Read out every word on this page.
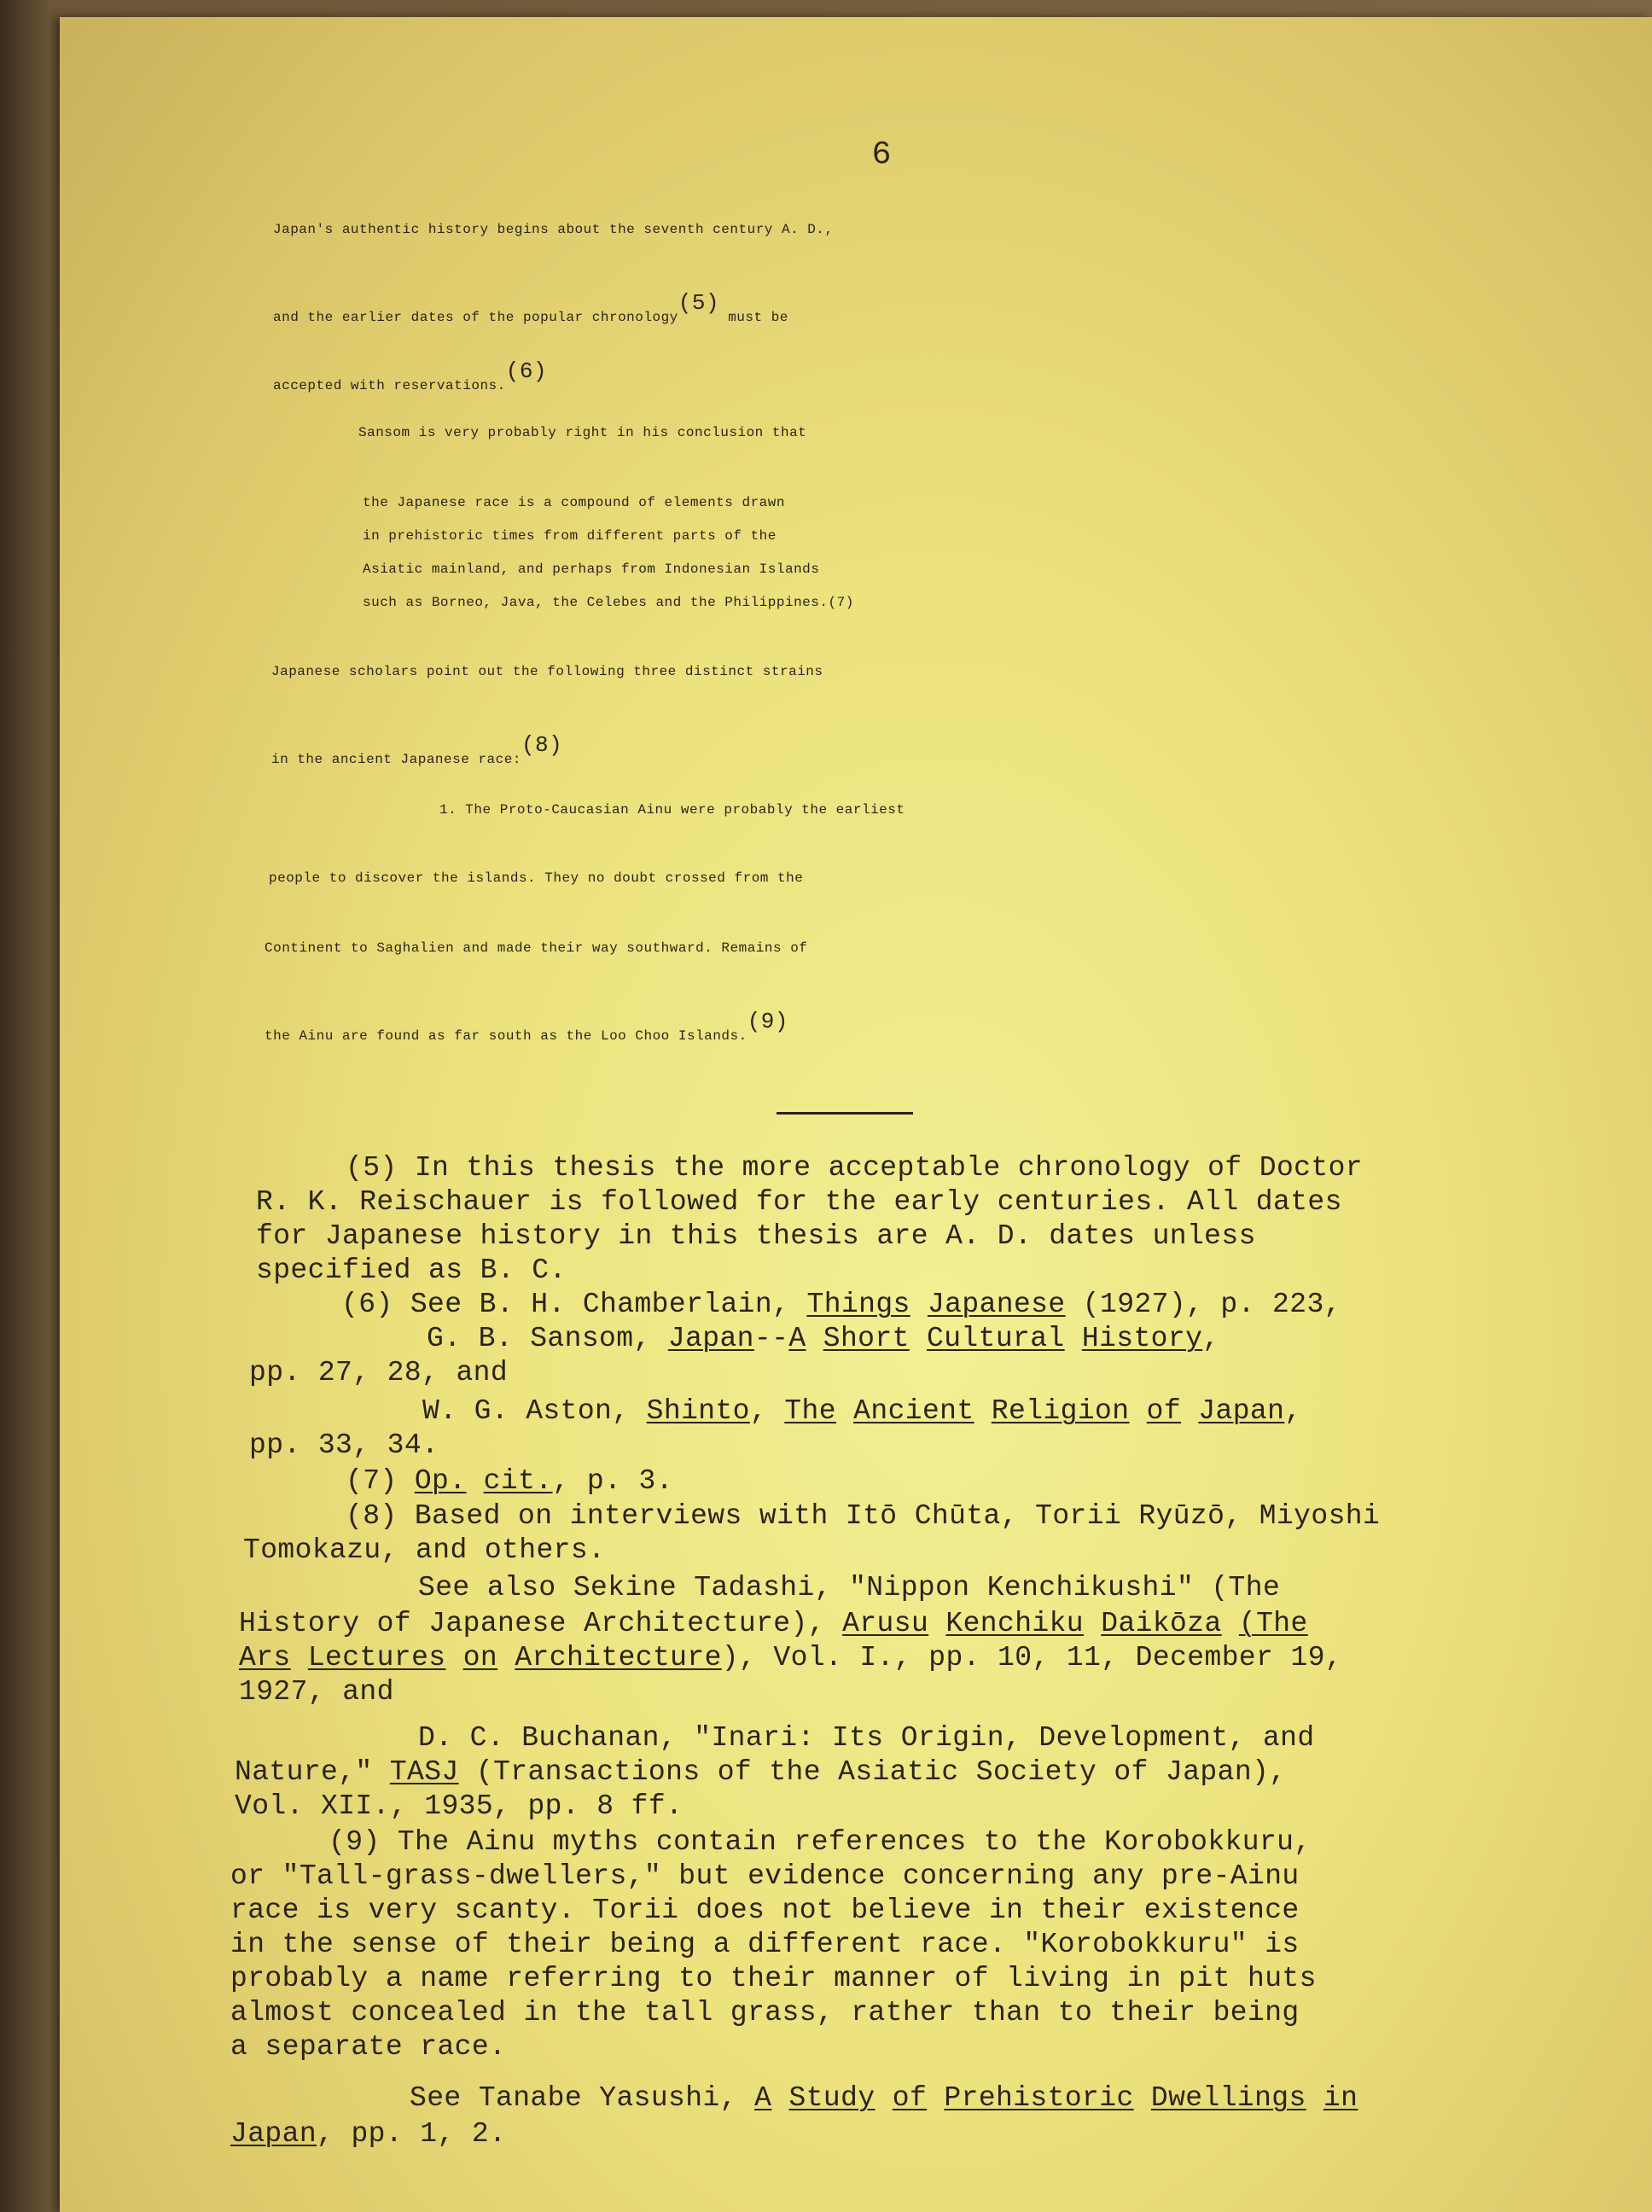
6
Japan's authentic history begins about the seventh century A. D.,
and the earlier dates of the popular chronology$^{(5)}$ must be
accepted with reservations.$^{(6)}$
Sansom is very probably right in his conclusion that
the Japanese race is a compound of elements drawn
in prehistoric times from different parts of the
Asiatic mainland, and perhaps from Indonesian Islands
such as Borneo, Java, the Celebes and the Philippines.(7)
Japanese scholars point out the following three distinct strains
in the ancient Japanese race:$^{(8)}$
1. The Proto-Caucasian Ainu were probably the earliest
people to discover the islands. They no doubt crossed from the
Continent to Saghalien and made their way southward. Remains of
the Ainu are found as far south as the Loo Choo Islands.$^{(9)}$
(5) In this thesis the more acceptable chronology of Doctor
R. K. Reischauer is followed for the early centuries. All dates
for Japanese history in this thesis are A. D. dates unless
specified as B. C.
(6) See B. H. Chamberlain, Things Japanese (1927), p. 223,
G. B. Sansom, Japan--A Short Cultural History,
pp. 27, 28, and
W. G. Aston, Shinto, The Ancient Religion of Japan,
pp. 33, 34.
(7) Op. cit., p. 3.
(8) Based on interviews with Itō Chūta, Torii Ryūzō, Miyoshi
Tomokazu, and others.
See also Sekine Tadashi, "Nippon Kenchikushi" (The
History of Japanese Architecture), Arusu Kenchiku Daikōza (The
Ars Lectures on Architecture), Vol. I., pp. 10, 11, December 19,
1927, and
D. C. Buchanan, "Inari: Its Origin, Development, and
Nature," TASJ (Transactions of the Asiatic Society of Japan),
Vol. XII., 1935, pp. 8 ff.
(9) The Ainu myths contain references to the Korobokkuru,
or "Tall-grass-dwellers," but evidence concerning any pre-Ainu
race is very scanty. Torii does not believe in their existence
in the sense of their being a different race. "Korobokkuru" is
probably a name referring to their manner of living in pit huts
almost concealed in the tall grass, rather than to their being
a separate race.
See Tanabe Yasushi, A Study of Prehistoric Dwellings in
Japan, pp. 1, 2.
